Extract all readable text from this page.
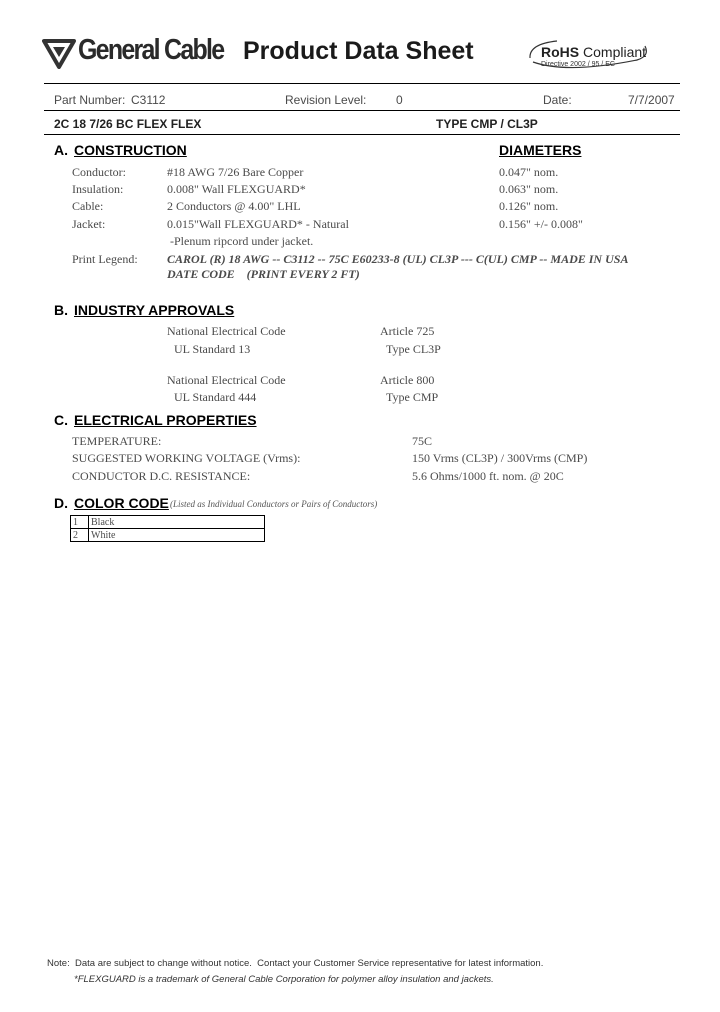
General Cable Product Data Sheet	RoHS Compliant
Directive 2002 / 95 / EC
Part Number: C3112	Revision Level: 0	Date:	7/7/2007
2C 18 7/26 BC FLEX FLEX	TYPE CMP / CL3P
A. CONSTRUCTION	DIAMETERS
Conductor:	#18 AWG 7/26 Bare Copper	0.047" nom.
Insulation:	0.008" Wall FLEXGUARD*	0.063" nom.
Cable:	2 Conductors @ 4.00" LHL	0.126" nom.
Jacket:	0.015"Wall FLEXGUARD* - Natural	0.156" +/- 0.008"
-Plenum ripcord under jacket.
Print Legend: CAROL (R) 18 AWG -- C3112 -- 75C E60233-8 (UL) CL3P --- C(UL) CMP -- MADE IN USA
DATE CODE    (PRINT EVERY 2 FT)
B. INDUSTRY APPROVALS
National Electrical Code	Article 725
UL Standard 13	Type CL3P
National Electrical Code	Article 800
UL Standard 444	Type CMP
C. ELECTRICAL PROPERTIES
TEMPERATURE:	75C
SUGGESTED WORKING VOLTAGE (Vrms):	150 Vrms (CL3P) / 300Vrms (CMP)
CONDUCTOR D.C. RESISTANCE:	5.6 Ohms/1000 ft. nom. @ 20C
D. COLOR CODE (Listed as Individual Conductors or Pairs of Conductors)
1	Black
2	White
Note:  Data are subject to change without notice.  Contact your Customer Service representative for latest information.
*FLEXGUARD is a trademark of General Cable Corporation for polymer alloy insulation and jackets.
